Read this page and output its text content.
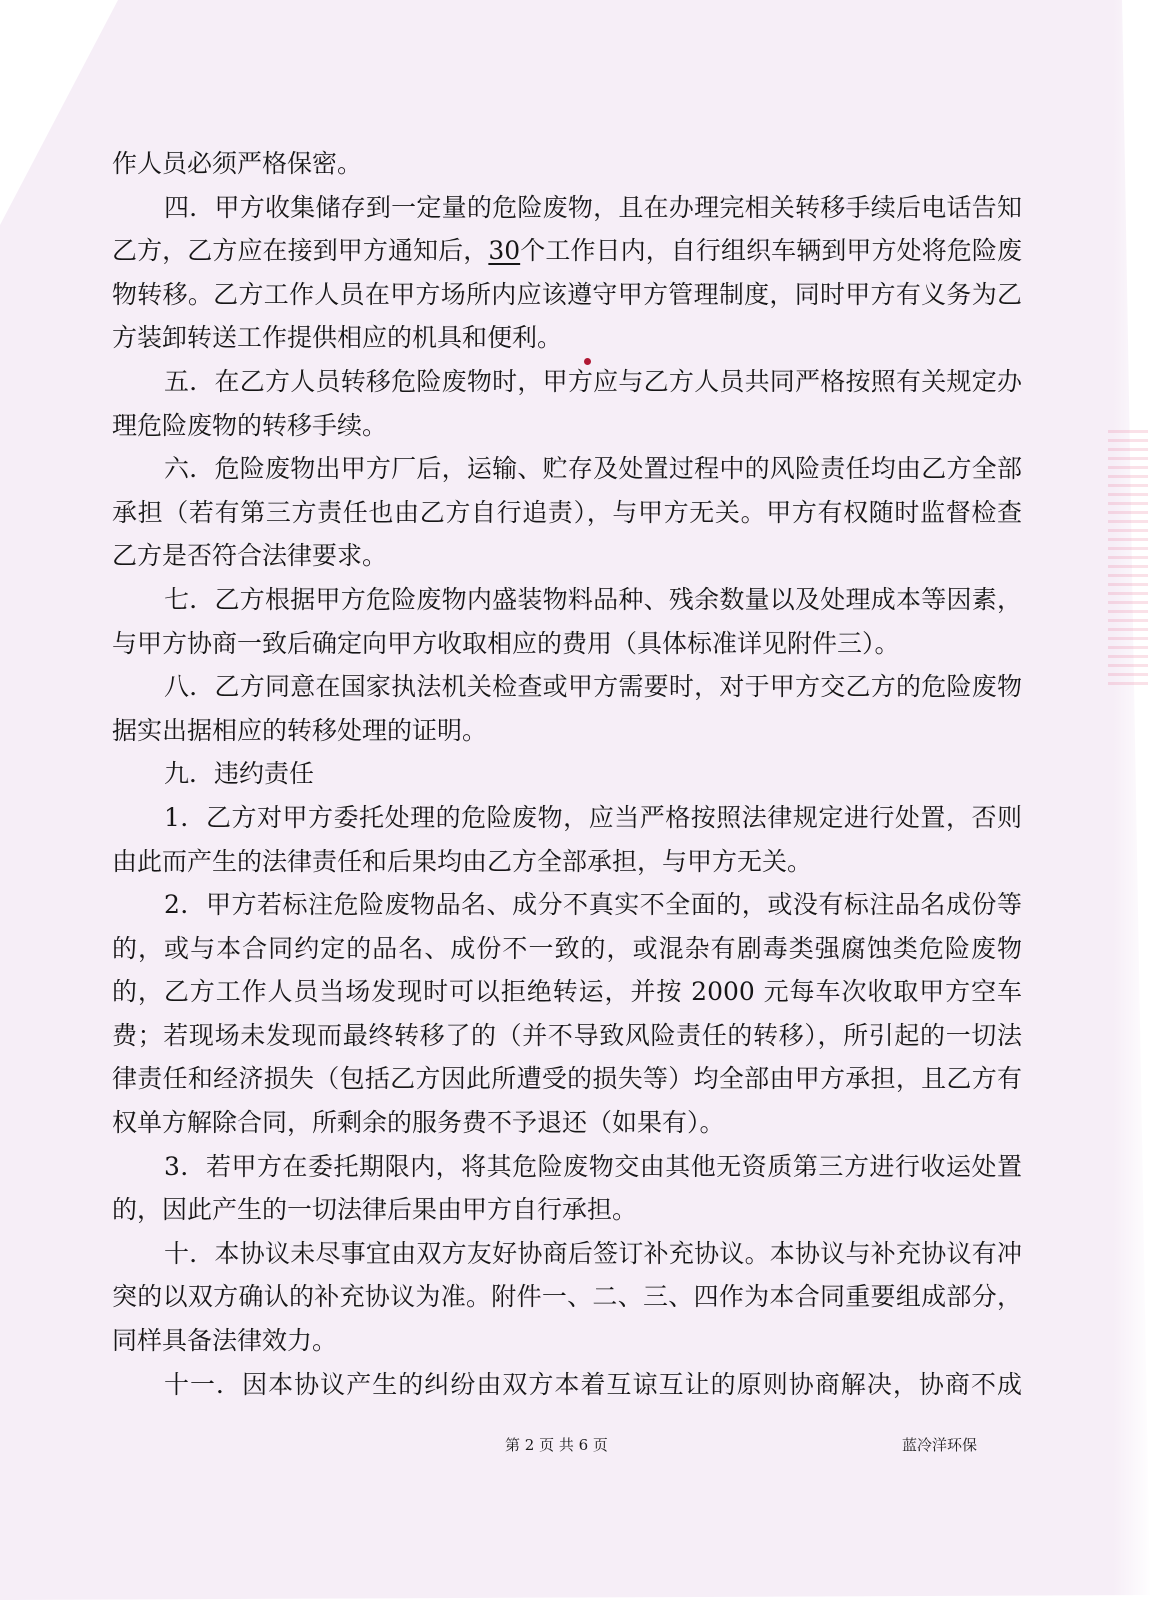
作人员必须严格保密。

四．甲方收集储存到一定量的危险废物，且在办理完相关转移手续后电话告知乙方，乙方应在接到甲方通知后，30个工作日内，自行组织车辆到甲方处将危险废物转移。乙方工作人员在甲方场所内应该遵守甲方管理制度，同时甲方有义务为乙方装卸转送工作提供相应的机具和便利。

五．在乙方人员转移危险废物时，甲方应与乙方人员共同严格按照有关规定办理危险废物的转移手续。

六．危险废物出甲方厂后，运输、贮存及处置过程中的风险责任均由乙方全部承担（若有第三方责任也由乙方自行追责），与甲方无关。甲方有权随时监督检查乙方是否符合法律要求。

七．乙方根据甲方危险废物内盛装物料品种、残余数量以及处理成本等因素，与甲方协商一致后确定向甲方收取相应的费用（具体标准详见附件三）。

八．乙方同意在国家执法机关检查或甲方需要时，对于甲方交乙方的危险废物据实出据相应的转移处理的证明。

九．违约责任

1．乙方对甲方委托处理的危险废物，应当严格按照法律规定进行处置，否则由此而产生的法律责任和后果均由乙方全部承担，与甲方无关。

2．甲方若标注危险废物品名、成分不真实不全面的，或没有标注品名成份等的，或与本合同约定的品名、成份不一致的，或混杂有剧毒类强腐蚀类危险废物的，乙方工作人员当场发现时可以拒绝转运，并按 2000 元每车次收取甲方空车费；若现场未发现而最终转移了的（并不导致风险责任的转移），所引起的一切法律责任和经济损失（包括乙方因此所遭受的损失等）均全部由甲方承担，且乙方有权单方解除合同，所剩余的服务费不予退还（如果有）。

3．若甲方在委托期限内，将其危险废物交由其他无资质第三方进行收运处置的，因此产生的一切法律后果由甲方自行承担。

十．本协议未尽事宜由双方友好协商后签订补充协议。本协议与补充协议有冲突的以双方确认的补充协议为准。附件一、二、三、四作为本合同重要组成部分，同样具备法律效力。

十一．因本协议产生的纠纷由双方本着互谅互让的原则协商解决，协商不成

第 2 页 共 6 页	蓝冷洋环保
